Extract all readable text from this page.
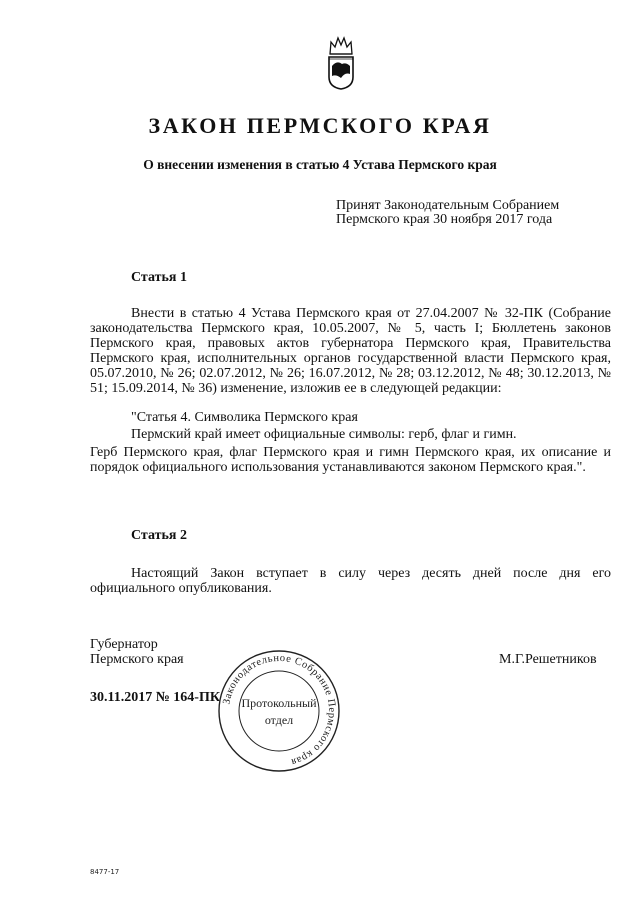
ЗАКОН ПЕРМСКОГО КРАЯ
О внесении изменения в статью 4 Устава Пермского края
Принят Законодательным Собранием
Пермского края 30 ноября 2017 года
Статья 1

Внести в статью 4 Устава Пермского края от 27.04.2007 № 32-ПК (Собрание законодательства Пермского края, 10.05.2007, № 5, часть I; Бюллетень законов Пермского края, правовых актов губернатора Пермского края, Правительства Пермского края, исполнительных органов государственной власти Пермского края, 05.07.2010, № 26; 02.07.2012, № 26; 16.07.2012, № 28; 03.12.2012, № 48; 30.12.2013, № 51; 15.09.2014, № 36) изменение, изложив ее в следующей редакции:

"Статья 4. Символика Пермского края

Пермский край имеет официальные символы: герб, флаг и гимн.

Герб Пермского края, флаг Пермского края и гимн Пермского края, их описание и порядок официального использования устанавливаются законом Пермского края.".

Статья 2

Настоящий Закон вступает в силу через десять дней после дня его официального опубликования.

Губернатор
Пермского края	М.Г.Решетников
30.11.2017 № 164-ПК Законодательное Собрание Пермского края
Протокольный
отдел
8477-17
